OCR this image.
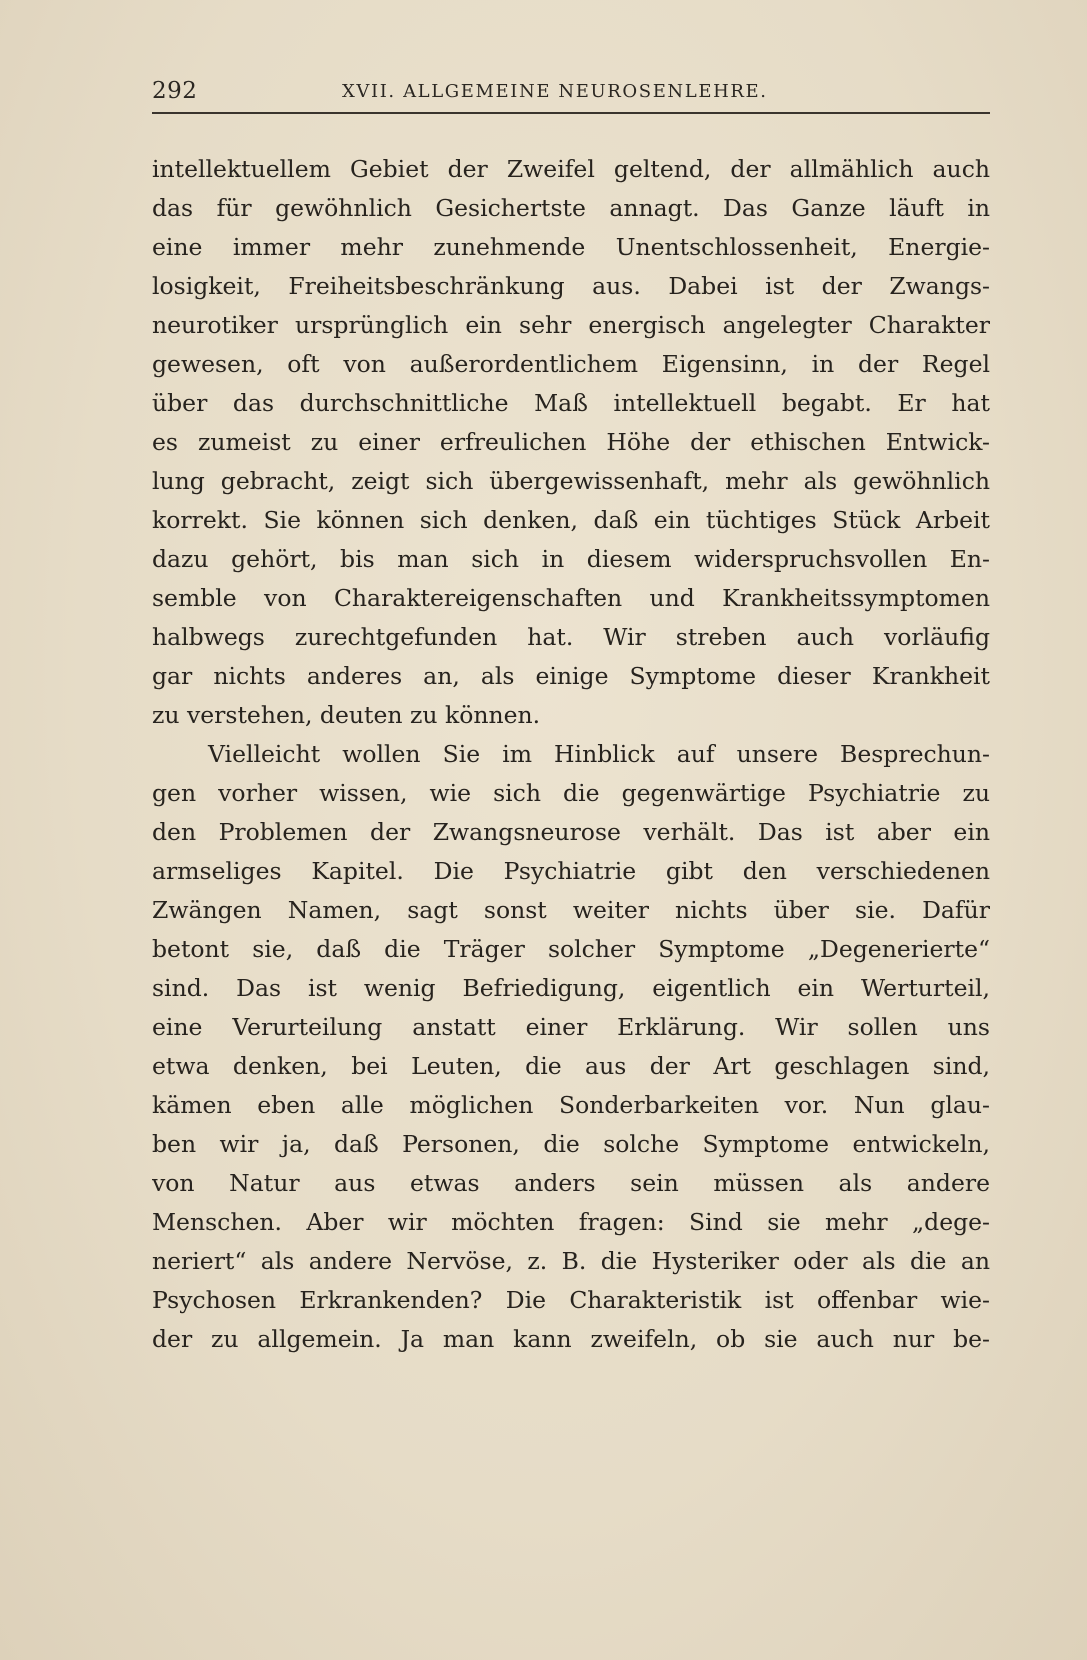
292	XVII. ALLGEMEINE NEUROSENLEHRE.
intellektuellem Gebiet der Zweifel geltend, der allmählich auch
das für gewöhnlich Gesichertste annagt. Das Ganze läuft in
eine immer mehr zunehmende Unentschlossenheit, Energie-
losigkeit, Freiheitsbeschränkung aus. Dabei ist der Zwangs-
neurotiker ursprünglich ein sehr energisch angelegter Charakter
gewesen, oft von außerordentlichem Eigensinn, in der Regel
über das durchschnittliche Maß intellektuell begabt. Er hat
es zumeist zu einer erfreulichen Höhe der ethischen Entwick-
lung gebracht, zeigt sich übergewissenhaft, mehr als gewöhnlich
korrekt. Sie können sich denken, daß ein tüchtiges Stück Arbeit
dazu gehört, bis man sich in diesem widerspruchsvollen En-
semble von Charaktereigenschaften und Krankheitssymptomen
halbwegs zurechtgefunden hat. Wir streben auch vorläufig
gar nichts anderes an, als einige Symptome dieser Krankheit
zu verstehen, deuten zu können.
Vielleicht wollen Sie im Hinblick auf unsere Besprechun-
gen vorher wissen, wie sich die gegenwärtige Psychiatrie zu
den Problemen der Zwangsneurose verhält. Das ist aber ein
armseliges Kapitel. Die Psychiatrie gibt den verschiedenen
Zwängen Namen, sagt sonst weiter nichts über sie. Dafür
betont sie, daß die Träger solcher Symptome „Degenerierte“
sind. Das ist wenig Befriedigung, eigentlich ein Werturteil,
eine Verurteilung anstatt einer Erklärung. Wir sollen uns
etwa denken, bei Leuten, die aus der Art geschlagen sind,
kämen eben alle möglichen Sonderbarkeiten vor. Nun glau-
ben wir ja, daß Personen, die solche Symptome entwickeln,
von Natur aus etwas anders sein müssen als andere
Menschen. Aber wir möchten fragen: Sind sie mehr „dege-
neriert“ als andere Nervöse, z. B. die Hysteriker oder als die an
Psychosen Erkrankenden? Die Charakteristik ist offenbar wie-
der zu allgemein. Ja man kann zweifeln, ob sie auch nur be-
